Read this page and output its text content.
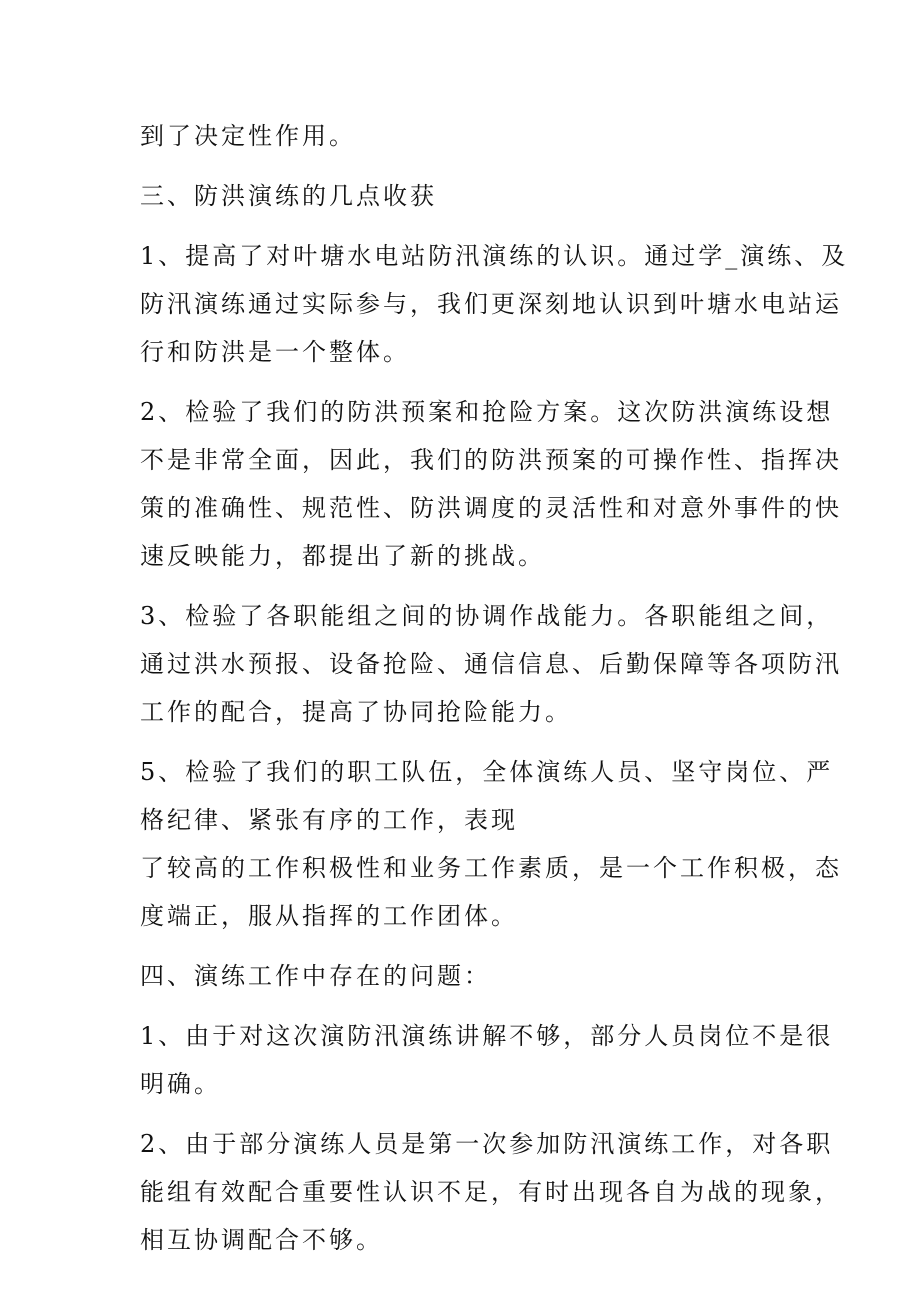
到了决定性作用。
三、防洪演练的几点收获
1、提高了对叶塘水电站防汛演练的认识。通过学_演练、及
防汛演练通过实际参与，我们更深刻地认识到叶塘水电站运
行和防洪是一个整体。
2、检验了我们的防洪预案和抢险方案。这次防洪演练设想
不是非常全面，因此，我们的防洪预案的可操作性、指挥决
策的准确性、规范性、防洪调度的灵活性和对意外事件的快
速反映能力，都提出了新的挑战。
3、检验了各职能组之间的协调作战能力。各职能组之间，
通过洪水预报、设备抢险、通信信息、后勤保障等各项防汛
工作的配合，提高了协同抢险能力。
5、检验了我们的职工队伍，全体演练人员、坚守岗位、严
格纪律、紧张有序的工作，表现
了较高的工作积极性和业务工作素质，是一个工作积极，态
度端正，服从指挥的工作团体。
四、演练工作中存在的问题：
1、由于对这次演防汛演练讲解不够，部分人员岗位不是很
明确。
2、由于部分演练人员是第一次参加防汛演练工作，对各职
能组有效配合重要性认识不足，有时出现各自为战的现象，
相互协调配合不够。
